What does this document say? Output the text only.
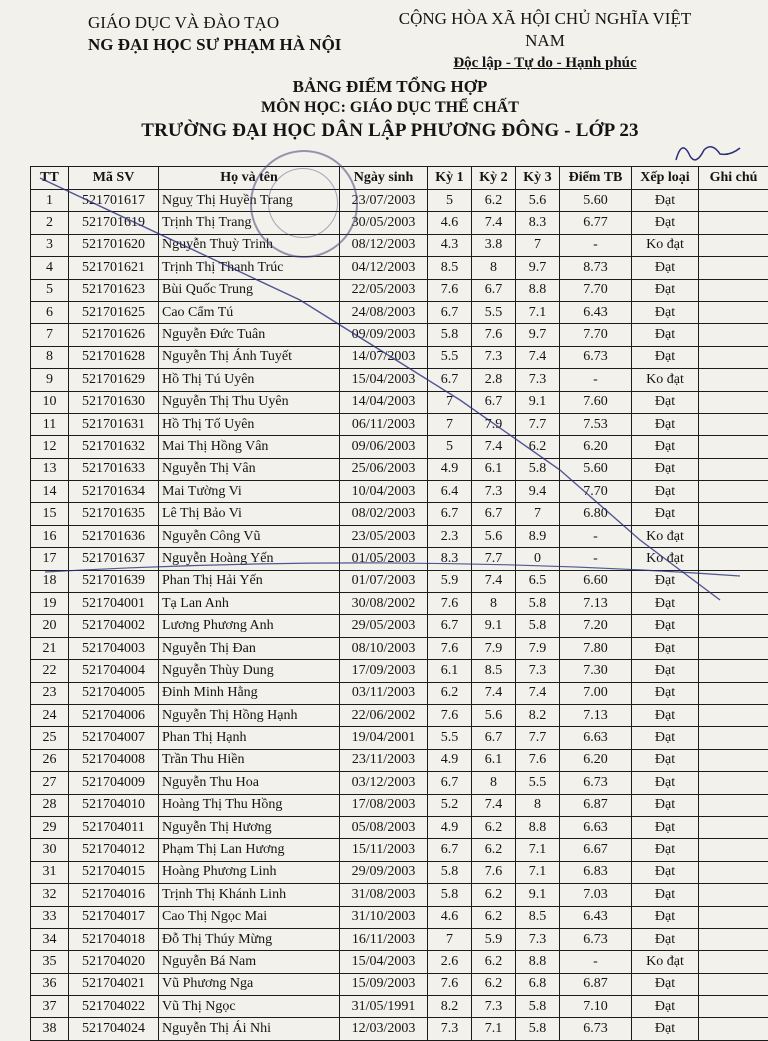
GIÁO DỤC VÀ ĐÀO TẠO
NG ĐẠI HỌC SƯ PHẠM HÀ NỘI
CỘNG HÒA XÃ HỘI CHỦ NGHĨA VIỆT NAM
Độc lập - Tự do - Hạnh phúc
BẢNG ĐIỂM TỔNG HỢP
MÔN HỌC: GIÁO DỤC THỂ CHẤT
TRƯỜNG ĐẠI HỌC DÂN LẬP PHƯƠNG ĐÔNG - LỚP 23
TT	Mã SV	Họ và tên	Ngày sinh	Kỳ 1	Kỳ 2	Kỳ 3	Điểm TB	Xếp loại	Ghi chú
1	521701617	Nguỵ Thị Huyền Trang	23/07/2003	5	6.2	5.6	5.60	Đạt	
2	521701619	Trịnh Thị Trang	30/05/2003	4.6	7.4	8.3	6.77	Đạt	
3	521701620	Nguyễn Thuỳ Trinh	08/12/2003	4.3	3.8	7	-	Ko đạt	
4	521701621	Trịnh Thị Thanh Trúc	04/12/2003	8.5	8	9.7	8.73	Đạt	
5	521701623	Bùi Quốc Trung	22/05/2003	7.6	6.7	8.8	7.70	Đạt	
6	521701625	Cao Cẩm Tú	24/08/2003	6.7	5.5	7.1	6.43	Đạt	
7	521701626	Nguyễn Đức Tuân	09/09/2003	5.8	7.6	9.7	7.70	Đạt	
8	521701628	Nguyễn Thị Ánh Tuyết	14/07/2003	5.5	7.3	7.4	6.73	Đạt	
9	521701629	Hồ Thị Tú Uyên	15/04/2003	6.7	2.8	7.3	-	Ko đạt	
10	521701630	Nguyễn Thị Thu Uyên	14/04/2003	7	6.7	9.1	7.60	Đạt	
11	521701631	Hồ Thị Tố Uyên	06/11/2003	7	7.9	7.7	7.53	Đạt	
12	521701632	Mai Thị Hồng Vân	09/06/2003	5	7.4	6.2	6.20	Đạt	
13	521701633	Nguyễn Thị Vân	25/06/2003	4.9	6.1	5.8	5.60	Đạt	
14	521701634	Mai Tường Vi	10/04/2003	6.4	7.3	9.4	7.70	Đạt	
15	521701635	Lê Thị Bảo Vi	08/02/2003	6.7	6.7	7	6.80	Đạt	
16	521701636	Nguyễn Công Vũ	23/05/2003	2.3	5.6	8.9	-	Ko đạt	
17	521701637	Nguyễn Hoàng Yến	01/05/2003	8.3	7.7	0	-	Ko đạt	
18	521701639	Phan Thị Hải Yến	01/07/2003	5.9	7.4	6.5	6.60	Đạt	
19	521704001	Tạ Lan Anh	30/08/2002	7.6	8	5.8	7.13	Đạt	
20	521704002	Lương Phương Anh	29/05/2003	6.7	9.1	5.8	7.20	Đạt	
21	521704003	Nguyễn Thị Đan	08/10/2003	7.6	7.9	7.9	7.80	Đạt	
22	521704004	Nguyễn Thùy Dung	17/09/2003	6.1	8.5	7.3	7.30	Đạt	
23	521704005	Đinh Minh Hằng	03/11/2003	6.2	7.4	7.4	7.00	Đạt	
24	521704006	Nguyễn Thị Hồng Hạnh	22/06/2002	7.6	5.6	8.2	7.13	Đạt	
25	521704007	Phan Thị Hạnh	19/04/2001	5.5	6.7	7.7	6.63	Đạt	
26	521704008	Trần Thu Hiền	23/11/2003	4.9	6.1	7.6	6.20	Đạt	
27	521704009	Nguyễn Thu Hoa	03/12/2003	6.7	8	5.5	6.73	Đạt	
28	521704010	Hoàng Thị Thu Hồng	17/08/2003	5.2	7.4	8	6.87	Đạt	
29	521704011	Nguyễn Thị Hương	05/08/2003	4.9	6.2	8.8	6.63	Đạt	
30	521704012	Phạm Thị Lan Hương	15/11/2003	6.7	6.2	7.1	6.67	Đạt	
31	521704015	Hoàng Phương Linh	29/09/2003	5.8	7.6	7.1	6.83	Đạt	
32	521704016	Trịnh Thị Khánh Linh	31/08/2003	5.8	6.2	9.1	7.03	Đạt	
33	521704017	Cao Thị Ngọc Mai	31/10/2003	4.6	6.2	8.5	6.43	Đạt	
34	521704018	Đỗ Thị Thúy Mừng	16/11/2003	7	5.9	7.3	6.73	Đạt	
35	521704020	Nguyễn Bá Nam	15/04/2003	2.6	6.2	8.8	-	Ko đạt	
36	521704021	Vũ Phương Nga	15/09/2003	7.6	6.2	6.8	6.87	Đạt	
37	521704022	Vũ Thị Ngọc	31/05/1991	8.2	7.3	5.8	7.10	Đạt	
38	521704024	Nguyễn Thị Ái Nhi	12/03/2003	7.3	7.1	5.8	6.73	Đạt	
